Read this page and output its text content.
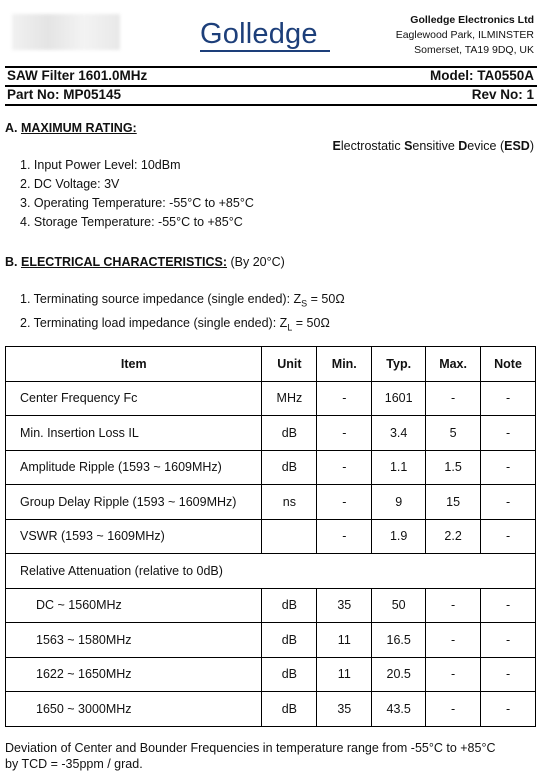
Golledge	Golledge Electronics Ltd
Eaglewood Park, ILMINSTER
Somerset, TA19 9DQ, UK
SAW Filter 1601.0MHz	Model: TA0550A
Part No: MP05145	Rev No: 1
A. MAXIMUM RATING:
Electrostatic Sensitive Device (ESD)
1. Input Power Level: 10dBm
2. DC Voltage: 3V
3. Operating Temperature: -55°C to +85°C
4. Storage Temperature: -55°C to +85°C
B. ELECTRICAL CHARACTERISTICS: (By 20°C)
1. Terminating source impedance (single ended): $Z_S = 50\Omega$
2. Terminating load impedance (single ended): $Z_L = 50\Omega$
Item	Unit	Min.	Typ.	Max.	Note
Center Frequency Fc	MHz	-	1601	-	-
Min. Insertion Loss IL	dB	-	3.4	5	-
Amplitude Ripple (1593 ~ 1609MHz)	dB	-	1.1	1.5	-
Group Delay Ripple (1593 ~ 1609MHz)	ns	-	9	15	-
VSWR (1593 ~ 1609MHz)		-	1.9	2.2	-
Relative Attenuation (relative to 0dB)					
DC ~ 1560MHz	dB	35	50	-	-
1563 ~ 1580MHz	dB	11	16.5	-	-
1622 ~ 1650MHz	dB	11	20.5	-	-
1650 ~ 3000MHz	dB	35	43.5	-	-
Deviation of Center and Bounder Frequencies in temperature range from -55°C to +85°C
by TCD = -35ppm / grad.
